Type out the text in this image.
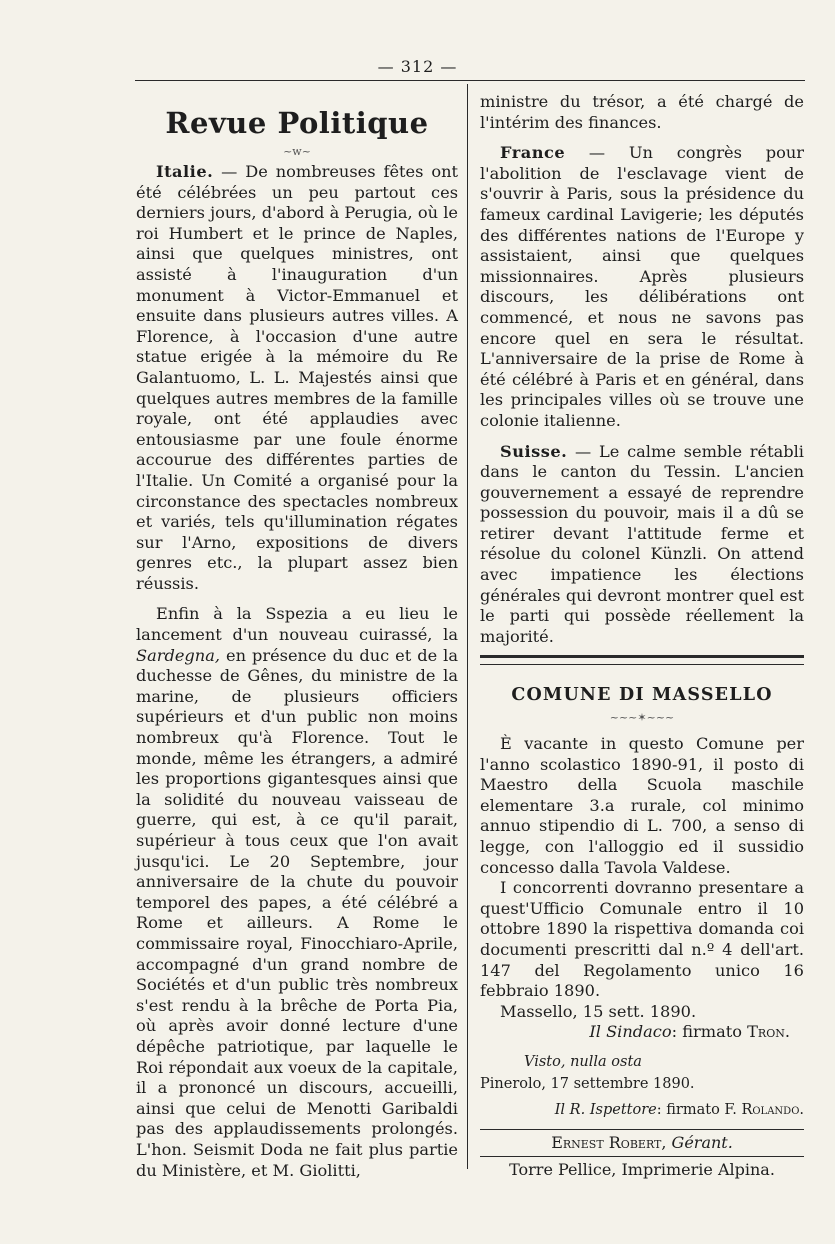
— 312 —
Revue Politique
~w~

Italie. — De nombreuses fêtes ont été célébrées un peu partout ces derniers jours, d'abord à Perugia, où le roi Humbert et le prince de Naples, ainsi que quelques ministres, ont assisté à l'inauguration d'un monument à Victor-Emmanuel et ensuite dans plusieurs autres villes. A Florence, à l'occasion d'une autre statue erigée à la mémoire du Re Galantuomo, L. L. Majestés ainsi que quelques autres membres de la famille royale, ont été applaudies avec entousiasme par une foule énorme accourue des différentes parties de l'Italie. Un Comité a organisé pour la circonstance des spectacles nombreux et variés, tels qu'illumination régates sur l'Arno, expositions de divers genres etc., la plupart assez bien réussis.

Enfin à la Sspezia a eu lieu le lancement d'un nouveau cuirassé, la Sardegna, en présence du duc et de la duchesse de Gênes, du ministre de la marine, de plusieurs officiers supérieurs et d'un public non moins nombreux qu'à Florence. Tout le monde, même les étrangers, a admiré les proportions gigantesques ainsi que la solidité du nouveau vaisseau de guerre, qui est, à ce qu'il parait, supérieur à tous ceux que l'on avait jusqu'ici. Le 20 Septembre, jour anniversaire de la chute du pouvoir temporel des papes, a été célébré a Rome et ailleurs. A Rome le commissaire royal, Finocchiaro-Aprile, accompagné d'un grand nombre de Sociétés et d'un public très nombreux s'est rendu à la brêche de Porta Pia, où après avoir donné lecture d'une dépêche patriotique, par laquelle le Roi répondait aux voeux de la capitale, il a prononcé un discours, accueilli, ainsi que celui de Menotti Garibaldi pas des applaudissements prolongés. L'hon. Seismit Doda ne fait plus partie du Ministère, et M. Giolitti,

ministre du trésor, a été chargé de l'intérim des finances.

France — Un congrès pour l'abolition de l'esclavage vient de s'ouvrir à Paris, sous la présidence du fameux cardinal Lavigerie; les députés des différentes nations de l'Europe y assistaient, ainsi que quelques missionnaires. Après plusieurs discours, les délibérations ont commencé, et nous ne savons pas encore quel en sera le résultat. L'anniversaire de la prise de Rome à été célébré à Paris et en général, dans les principales villes où se trouve une colonie italienne.

Suisse. — Le calme semble rétabli dans le canton du Tessin. L'ancien gouvernement a essayé de reprendre possession du pouvoir, mais il a dû se retirer devant l'attitude ferme et résolue du colonel Künzli. On attend avec impatience les élections générales qui devront montrer quel est le parti qui possède réellement la majorité.

COMUNE DI MASSELLO
~~~✶~~~

È vacante in questo Comune per l'anno scolastico 1890-91, il posto di Maestro della Scuola maschile elementare 3.a rurale, col minimo annuo stipendio di L. 700, a senso di legge, con l'alloggio ed il sussidio concesso dalla Tavola Valdese.

I concorrenti dovranno presentare a quest'Ufficio Comunale entro il 10 ottobre 1890 la rispettiva domanda coi documenti prescritti dal n.º 4 dell'art. 147 del Regolamento unico 16 febbraio 1890.

Massello, 15 sett. 1890.

Il Sindaco: firmato Tron.

Visto, nulla osta
Pinerolo, 17 settembre 1890.
Il R. Ispettore: firmato F. Rolando.
Ernest Robert, Gérant.
Torre Pellice, Imprimerie Alpina.
